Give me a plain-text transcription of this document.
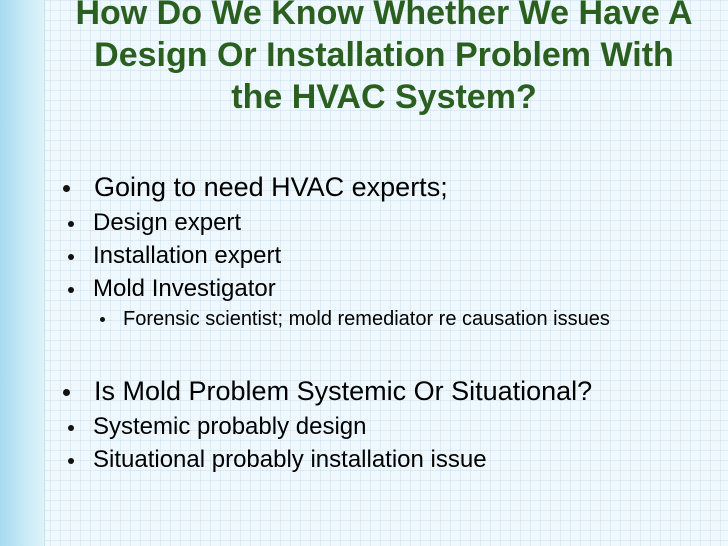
How Do We Know Whether We Have A Design Or Installation Problem With the HVAC System?
Going to need HVAC experts;
Design expert
Installation expert
Mold Investigator
Forensic scientist; mold remediator re causation issues
Is Mold Problem Systemic Or Situational?
Systemic probably design
Situational probably installation issue
